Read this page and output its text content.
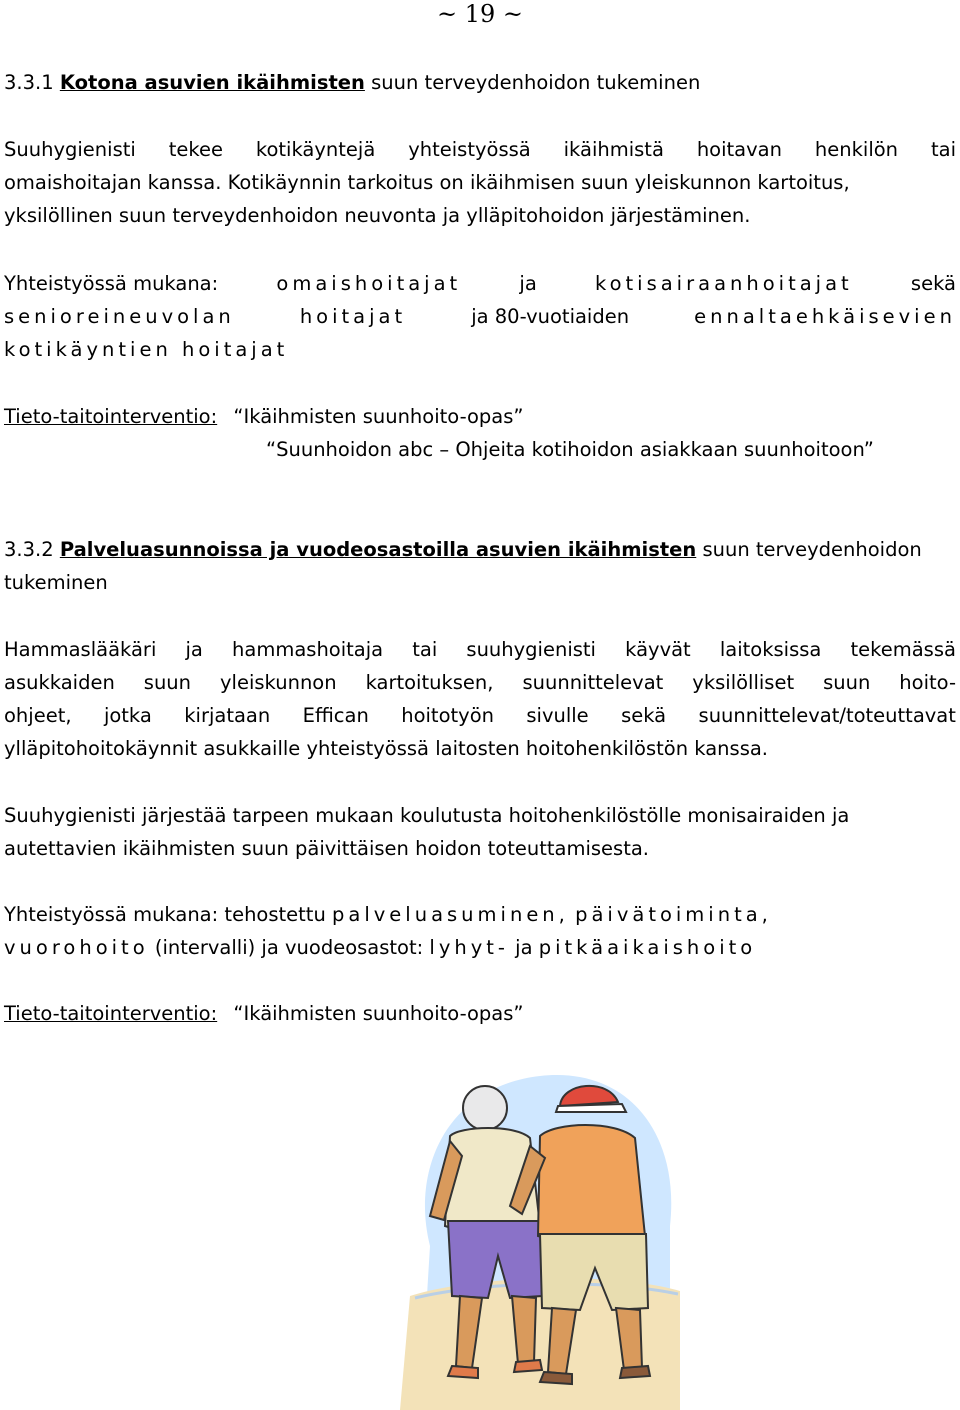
~ 19 ~
3.3.1 Kotona asuvien ikäihmisten suun terveydenhoidon tukeminen
Suuhygienisti tekee kotikäyntejä yhteistyössä ikäihmistä hoitavan henkilön tai
omaishoitajan kanssa. Kotikäynnin tarkoitus on ikäihmisen suun yleiskunnon kartoitus,
yksilöllinen suun terveydenhoidon neuvonta ja ylläpitohoidon järjestäminen.
Yhteistyössä mukana:	omaishoitajat	ja	kotisairaanhoitajat	sekä
senioreineuvolan	hoitajat	ja 80-vuotiaiden	ennaltaehkäisevien
kotikäyntien hoitajat
Tieto-taitointerventio: “Ikäihmisten suunhoito-opas”
“Suunhoidon abc – Ohjeita kotihoidon asiakkaan suunhoitoon”
3.3.2 Palveluasunnoissa ja vuodeosastoilla asuvien ikäihmisten suun terveydenhoidon
tukeminen
Hammaslääkäri ja hammashoitaja tai suuhygienisti käyvät laitoksissa tekemässä
asukkaiden suun yleiskunnon kartoituksen, suunnittelevat yksilölliset suun hoito-
ohjeet, jotka kirjataan Effican hoitotyön sivulle sekä suunnittelevat/toteuttavat
ylläpitohoitokäynnit asukkaille yhteistyössä laitosten hoitohenkilöstön kanssa.
Suuhygienisti järjestää tarpeen mukaan koulutusta hoitohenkilöstölle monisairaiden ja
autettavien ikäihmisten suun päivittäisen hoidon toteuttamisesta.
Yhteistyössä mukana: tehostettu palveluasuminen, päivätoiminta,
vuorohoito (intervalli) ja vuodeosastot: lyhyt- ja pitkäaikaishoito
Tieto-taitointerventio: “Ikäihmisten suunhoito-opas”
